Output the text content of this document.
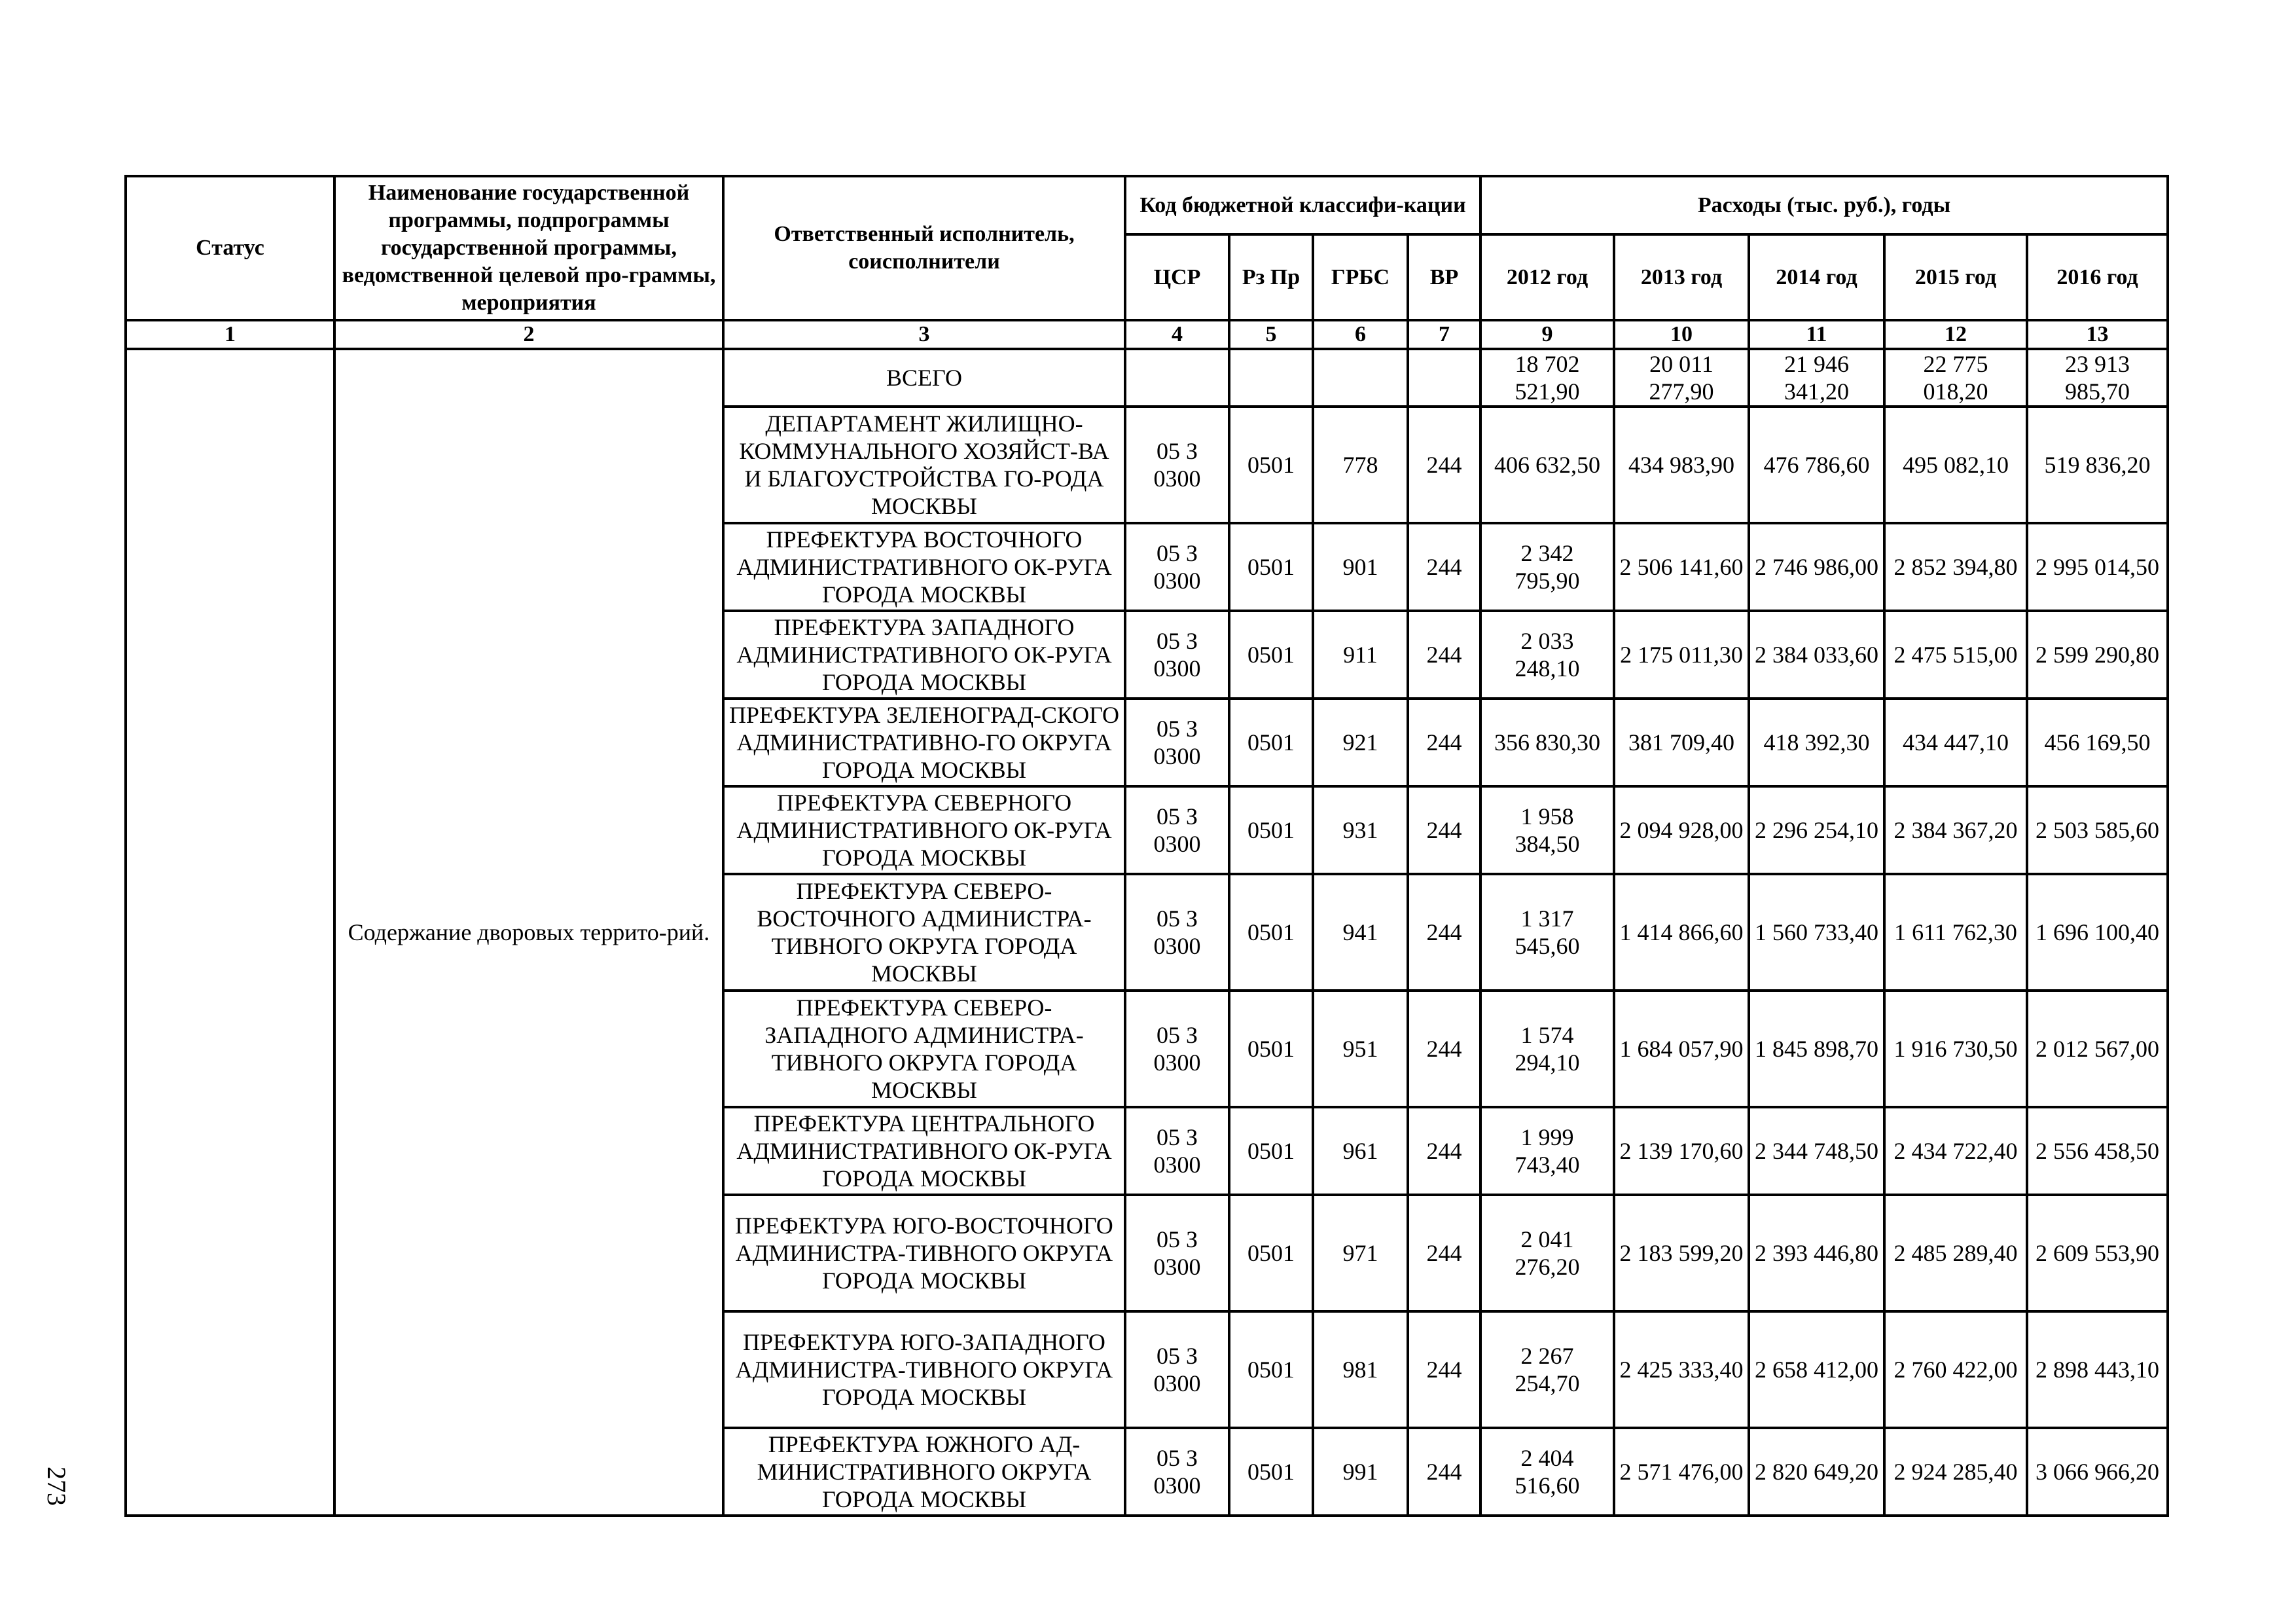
Статус	Наименование государственной программы, подпрограммы государственной программы, ведомственной целевой про-граммы, мероприятия	Ответственный исполнитель, соисполнители	Код бюджетной классифи-кации				Расходы (тыс. руб.), годы				
			ЦСР	Рз Пр	ГРБС	ВР	2012 год	2013 год	2014 год	2015 год	2016 год
1	2	3	4	5	6	7	9	10	11	12	13
	Содержание дворовых террито-рий.	ВСЕГО					18 702 521,90	20 011 277,90	21 946 341,20	22 775 018,20	23 913 985,70
		ДЕПАРТАМЕНТ ЖИЛИЩНО-КОММУНАЛЬНОГО ХОЗЯЙСТ-ВА И БЛАГОУСТРОЙСТВА ГО-РОДА МОСКВЫ	05 З 0300	0501	778	244	406 632,50	434 983,90	476 786,60	495 082,10	519 836,20
		ПРЕФЕКТУРА ВОСТОЧНОГО АДМИНИСТРАТИВНОГО ОК-РУГА ГОРОДА МОСКВЫ	05 З 0300	0501	901	244	2 342 795,90	2 506 141,60	2 746 986,00	2 852 394,80	2 995 014,50
		ПРЕФЕКТУРА ЗАПАДНОГО АДМИНИСТРАТИВНОГО ОК-РУГА ГОРОДА МОСКВЫ	05 З 0300	0501	911	244	2 033 248,10	2 175 011,30	2 384 033,60	2 475 515,00	2 599 290,80
		ПРЕФЕКТУРА ЗЕЛЕНОГРАД-СКОГО АДМИНИСТРАТИВНО-ГО ОКРУГА ГОРОДА МОСКВЫ	05 З 0300	0501	921	244	356 830,30	381 709,40	418 392,30	434 447,10	456 169,50
		ПРЕФЕКТУРА СЕВЕРНОГО АДМИНИСТРАТИВНОГО ОК-РУГА ГОРОДА МОСКВЫ	05 З 0300	0501	931	244	1 958 384,50	2 094 928,00	2 296 254,10	2 384 367,20	2 503 585,60
		ПРЕФЕКТУРА СЕВЕРО-ВОСТОЧНОГО АДМИНИСТРА-ТИВНОГО ОКРУГА ГОРОДА МОСКВЫ	05 З 0300	0501	941	244	1 317 545,60	1 414 866,60	1 560 733,40	1 611 762,30	1 696 100,40
		ПРЕФЕКТУРА СЕВЕРО-ЗАПАДНОГО АДМИНИСТРА-ТИВНОГО ОКРУГА ГОРОДА МОСКВЫ	05 З 0300	0501	951	244	1 574 294,10	1 684 057,90	1 845 898,70	1 916 730,50	2 012 567,00
		ПРЕФЕКТУРА ЦЕНТРАЛЬНОГО АДМИНИСТРАТИВНОГО ОК-РУГА ГОРОДА МОСКВЫ	05 З 0300	0501	961	244	1 999 743,40	2 139 170,60	2 344 748,50	2 434 722,40	2 556 458,50
		ПРЕФЕКТУРА ЮГО-ВОСТОЧНОГО АДМИНИСТРА-ТИВНОГО ОКРУГА ГОРОДА МОСКВЫ	05 З 0300	0501	971	244	2 041 276,20	2 183 599,20	2 393 446,80	2 485 289,40	2 609 553,90
		ПРЕФЕКТУРА ЮГО-ЗАПАДНОГО АДМИНИСТРА-ТИВНОГО ОКРУГА ГОРОДА МОСКВЫ	05 З 0300	0501	981	244	2 267 254,70	2 425 333,40	2 658 412,00	2 760 422,00	2 898 443,10
		ПРЕФЕКТУРА ЮЖНОГО АД-МИНИСТРАТИВНОГО ОКРУГА ГОРОДА МОСКВЫ	05 З 0300	0501	991	244	2 404 516,60	2 571 476,00	2 820 649,20	2 924 285,40	3 066 966,20
273
